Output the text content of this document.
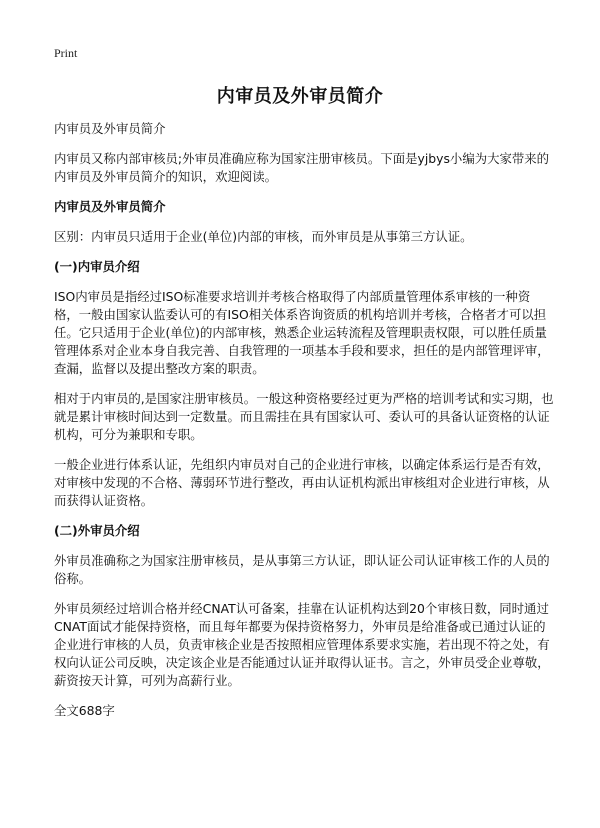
Print
内审员及外审员简介

内审员及外审员简介

内审员又称内部审核员;外审员准确应称为国家注册审核员。下面是yjbys小编为大家带来的内审员及外审员简介的知识，欢迎阅读。

内审员及外审员简介

区别：内审员只适用于企业(单位)内部的审核，而外审员是从事第三方认证。

(一)内审员介绍

ISO内审员是指经过ISO标准要求培训并考核合格取得了内部质量管理体系审核的一种资格，一般由国家认监委认可的有ISO相关体系咨询资质的机构培训并考核，合格者才可以担任。它只适用于企业(单位)的内部审核，熟悉企业运转流程及管理职责权限，可以胜任质量管理体系对企业本身自我完善、自我管理的一项基本手段和要求，担任的是内部管理评审，查漏，监督以及提出整改方案的职责。

相对于内审员的,是国家注册审核员。一般这种资格要经过更为严格的培训考试和实习期，也就是累计审核时间达到一定数量。而且需挂在具有国家认可、委认可的具备认证资格的认证机构，可分为兼职和专职。

一般企业进行体系认证，先组织内审员对自己的企业进行审核，以确定体系运行是否有效，对审核中发现的不合格、薄弱环节进行整改，再由认证机构派出审核组对企业进行审核，从而获得认证资格。

(二)外审员介绍

外审员准确称之为国家注册审核员，是从事第三方认证，即认证公司认证审核工作的人员的俗称。

外审员须经过培训合格并经CNAT认可备案，挂靠在认证机构达到20个审核日数，同时通过CNAT面试才能保持资格，而且每年都要为保持资格努力，外审员是给准备或已通过认证的企业进行审核的人员，负责审核企业是否按照相应管理体系要求实施，若出现不符之处，有权向认证公司反映，决定该企业是否能通过认证并取得认证书。言之，外审员受企业尊敬，薪资按天计算，可列为高薪行业。

全文688字
